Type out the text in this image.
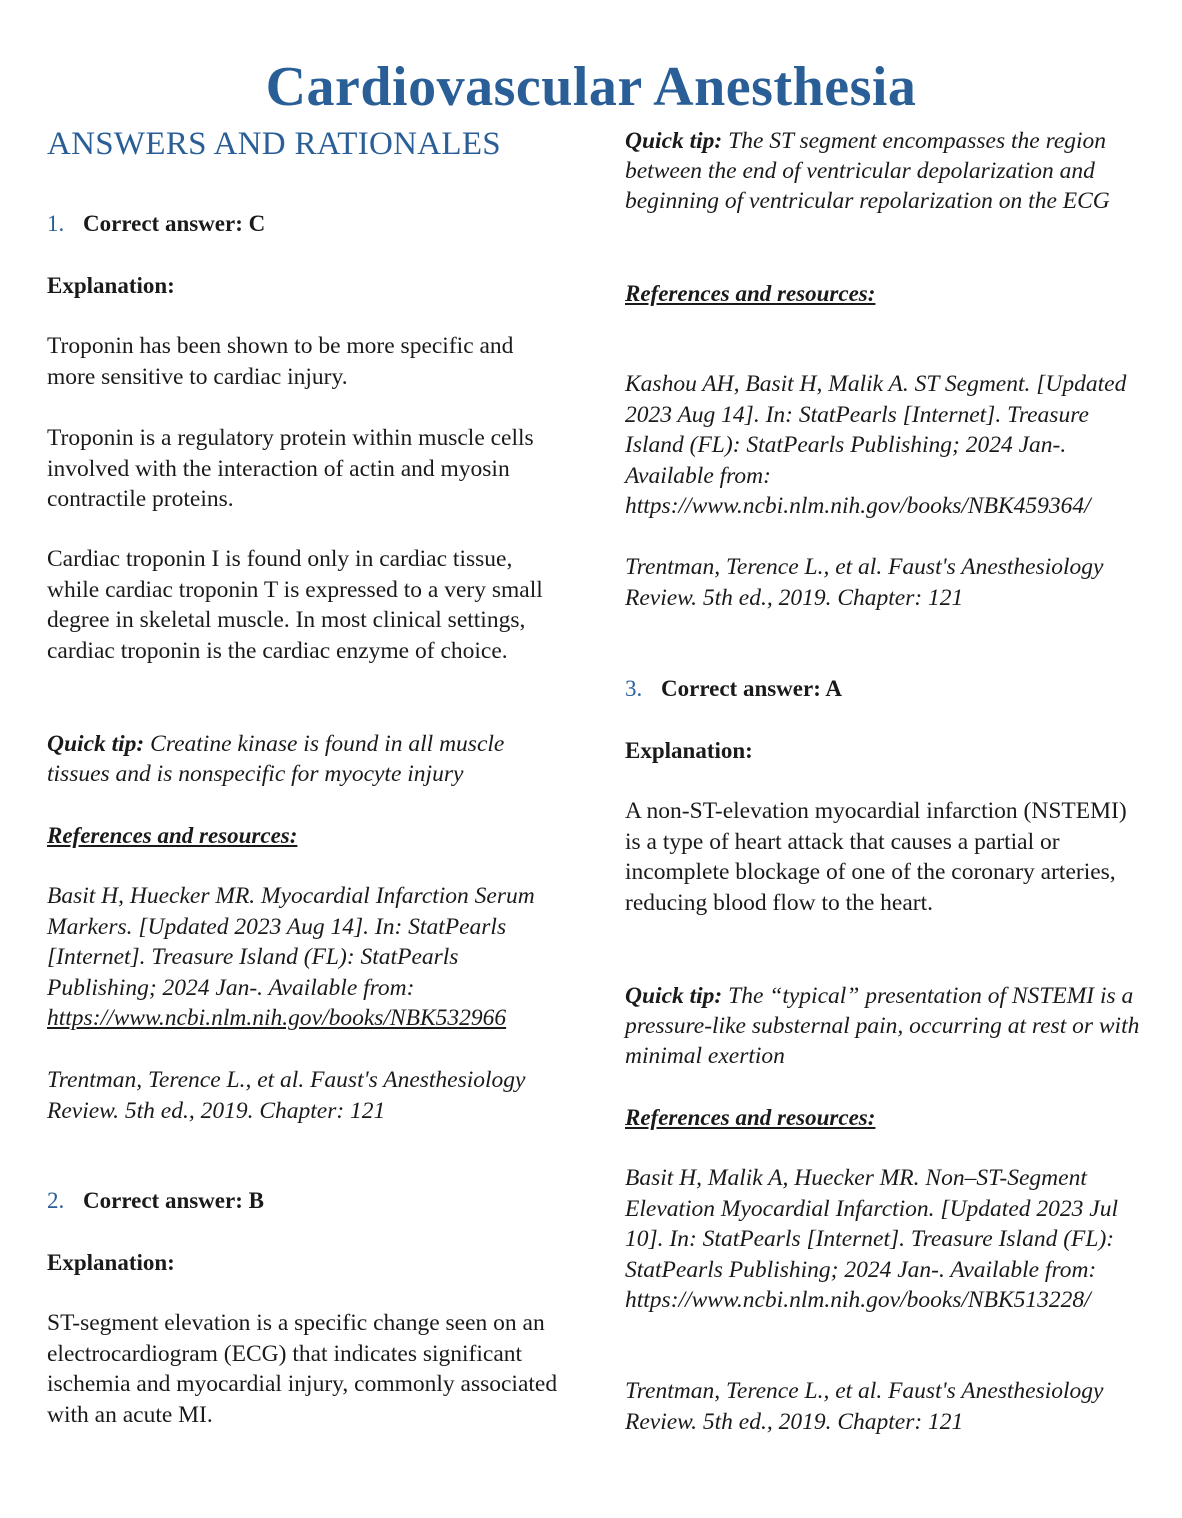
Cardiovascular Anesthesia
ANSWERS AND RATIONALES
1. Correct answer: C
Explanation:
Troponin has been shown to be more specific and more sensitive to cardiac injury.
Troponin is a regulatory protein within muscle cells involved with the interaction of actin and myosin contractile proteins.
Cardiac troponin I is found only in cardiac tissue, while cardiac troponin T is expressed to a very small degree in skeletal muscle. In most clinical settings, cardiac troponin is the cardiac enzyme of choice.
Quick tip: Creatine kinase is found in all muscle tissues and is nonspecific for myocyte injury
References and resources:
Basit H, Huecker MR. Myocardial Infarction Serum Markers. [Updated 2023 Aug 14]. In: StatPearls [Internet]. Treasure Island (FL): StatPearls Publishing; 2024 Jan-. Available from:
https://www.ncbi.nlm.nih.gov/books/NBK532966
Trentman, Terence L., et al. Faust's Anesthesiology Review. 5th ed., 2019. Chapter: 121
2. Correct answer: B
Explanation:
ST-segment elevation is a specific change seen on an electrocardiogram (ECG) that indicates significant ischemia and myocardial injury, commonly associated with an acute MI.
Quick tip: The ST segment encompasses the region between the end of ventricular depolarization and beginning of ventricular repolarization on the ECG
References and resources:
Kashou AH, Basit H, Malik A. ST Segment. [Updated 2023 Aug 14]. In: StatPearls [Internet]. Treasure Island (FL): StatPearls Publishing; 2024 Jan-. Available from:
https://www.ncbi.nlm.nih.gov/books/NBK459364/
Trentman, Terence L., et al. Faust's Anesthesiology Review. 5th ed., 2019. Chapter: 121
3. Correct answer: A
Explanation:
A non-ST-elevation myocardial infarction (NSTEMI) is a type of heart attack that causes a partial or incomplete blockage of one of the coronary arteries, reducing blood flow to the heart.
Quick tip: The “typical” presentation of NSTEMI is a pressure-like substernal pain, occurring at rest or with minimal exertion
References and resources:
Basit H, Malik A, Huecker MR. Non–ST-Segment Elevation Myocardial Infarction. [Updated 2023 Jul 10]. In: StatPearls [Internet]. Treasure Island (FL): StatPearls Publishing; 2024 Jan-. Available from:
https://www.ncbi.nlm.nih.gov/books/NBK513228/
Trentman, Terence L., et al. Faust's Anesthesiology Review. 5th ed., 2019. Chapter: 121
